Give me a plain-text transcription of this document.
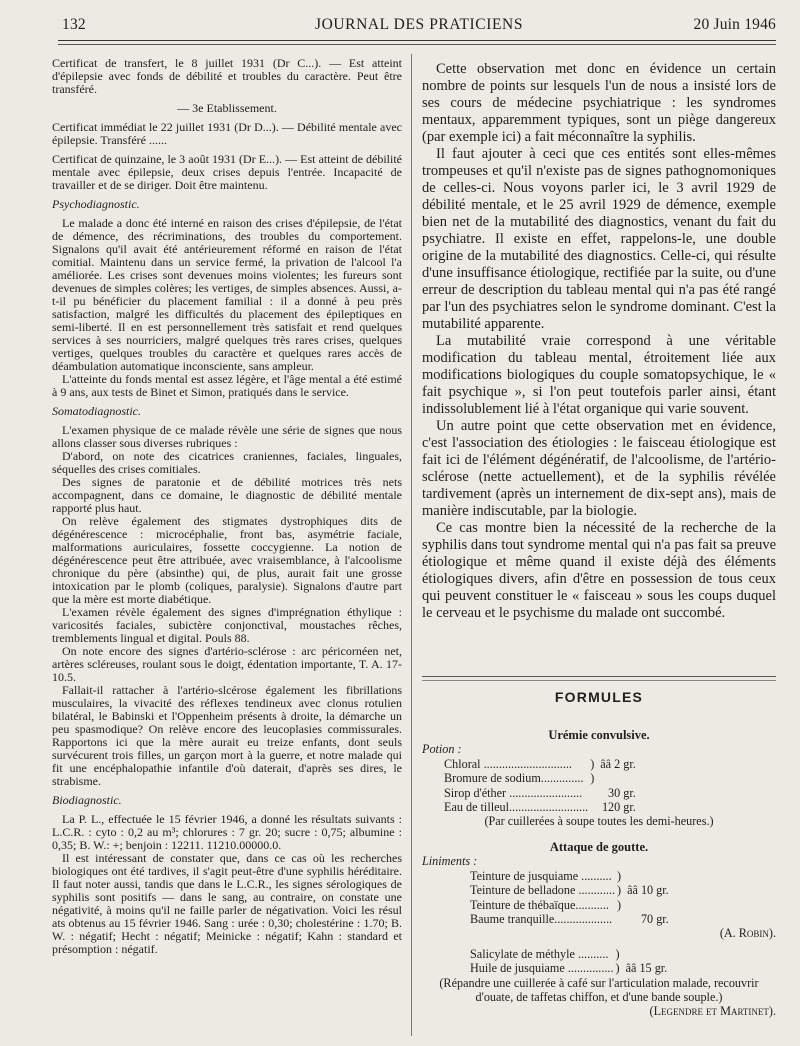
132	JOURNAL DES PRATICIENS	20 Juin 1946

Certificat de transfert, le 8 juillet 1931 (Dr C...). — Est atteint d'épilepsie avec fonds de débilité et troubles du caractère. Peut être transféré.

— 3e Etablissement.

Certificat immédiat le 22 juillet 1931 (Dr D...). — Débilité mentale avec épilepsie. Transféré ......

Certificat de quinzaine, le 3 août 1931 (Dr E...). — Est atteint de débilité mentale avec épilepsie, deux crises depuis l'entrée. Incapacité de travailler et de se diriger. Doit être maintenu.

Psychodiagnostic.

Le malade a donc été interné en raison des crises d'épilepsie, de l'état de démence, des récriminations, des troubles du comportement. Signalons qu'il avait été antérieurement réformé en raison de l'état comitial. Maintenu dans un service fermé, la privation de l'alcool l'a améliorée. Les crises sont devenues moins violentes; les fureurs sont devenues de simples colères; les vertiges, de simples absences. Aussi, a-t-il pu bénéficier du placement familial : il a donné à peu près satisfaction, malgré les difficultés du placement des épileptiques en semi-liberté. Il en est personnellement très satisfait et rend quelques services à ses nourriciers, malgré quelques très rares crises, quelques vertiges, quelques troubles du caractère et quelques rares accès de déambulation automatique inconsciente, sans ampleur.

L'atteinte du fonds mental est assez légère, et l'âge mental a été estimé à 9 ans, aux tests de Binet et Simon, pratiqués dans le service.

Somatodiagnostic.

L'examen physique de ce malade révèle une série de signes que nous allons classer sous diverses rubriques :

D'abord, on note des cicatrices craniennes, faciales, linguales, séquelles des crises comitiales.

Des signes de paratonie et de débilité motrices très nets accompagnent, dans ce domaine, le diagnostic de débilité mentale rapporté plus haut.

On relève également des stigmates dystrophiques dits de dégénérescence : microcéphalie, front bas, asymétrie faciale, malformations auriculaires, fossette coccygienne. La notion de dégénérescence peut être attribuée, avec vraisemblance, à l'alcoolisme chronique du père (absinthe) qui, de plus, aurait fait une grosse intoxication par le plomb (coliques, paralysie). Signalons d'autre part que la mère est morte diabétique.

L'examen révèle également des signes d'imprégnation éthylique : varicosités faciales, subictère conjonctival, moustaches rêches, tremblements lingual et digital. Pouls 88.

On note encore des signes d'artério-sclérose : arc péricornéen net, artères scléreuses, roulant sous le doigt, édentation importante, T. A. 17-10.5.

Fallait-il rattacher à l'artério-slcérose également les fibrillations musculaires, la vivacité des réflexes tendineux avec clonus rotulien bilatéral, le Babinski et l'Oppenheim présents à droite, la démarche un peu spasmodique? On relève encore des leucoplasies commissurales. Rapportons ici que la mère aurait eu treize enfants, dont seuls survécurent trois filles, un garçon mort à la guerre, et notre malade qui fit une encéphalopathie infantile d'où daterait, d'après ses dires, le strabisme.

Biodiagnostic.

La P. L., effectuée le 15 février 1946, a donné les résultats suivants : L.C.R. : cyto : 0,2 au m³; chlorures : 7 gr. 20; sucre : 0,75; albumine : 0,35; B. W.: +; benjoin : 12211. 11210.00000.0.

Il est intéressant de constater que, dans ce cas où les recherches biologiques ont été tardives, il s'agit peut-être d'une syphilis héréditaire. Il faut noter aussi, tandis que dans le L.C.R., les signes sérologiques de syphilis sont positifs — dans le sang, au contraire, on constate une négativité, à moins qu'il ne faille parler de négativation. Voici les résul ats obtenus au 15 février 1946. Sang : urée : 0,30; cholestérine : 1.70; B. W. : négatif; Hecht : négatif; Meinicke : négatif; Kahn : standard et présomption : négatif.

Cette observation met donc en évidence un certain nombre de points sur lesquels l'un de nous a insisté lors de ses cours de médecine psychiatrique : les syndromes mentaux, apparemment typiques, sont un piège dangereux (par exemple ici) a fait méconnaître la syphilis.

Il faut ajouter à ceci que ces entités sont elles-mêmes trompeuses et qu'il n'existe pas de signes pathognomoniques de celles-ci. Nous voyons parler ici, le 3 avril 1929 de débilité mentale, et le 25 avril 1929 de démence, exemple bien net de la mutabilité des diagnostics, venant du fait du psychiatre. Il existe en effet, rappelons-le, une double origine de la mutabilité des diagnostics. Celle-ci, qui résulte d'une insuffisance étiologique, rectifiée par la suite, ou d'une erreur de description du tableau mental qui n'a pas été rangé par l'un des psychiatres selon le syndrome dominant. C'est la mutabilité apparente.

La mutabilité vraie correspond à une véritable modification du tableau mental, étroitement liée aux modifications biologiques du couple somatopsychique, le « fait psychique », si l'on peut toutefois parler ainsi, étant indissolublement lié à l'état organique qui varie souvent.

Un autre point que cette observation met en évidence, c'est l'association des étiologies : le faisceau étiologique est fait ici de l'élément dégénératif, de l'alcoolisme, de l'artério-sclérose (nette actuellement), et de la syphilis révélée tardivement (après un internement de dix-sept ans), mais de manière indiscutable, par la biologie.

Ce cas montre bien la nécessité de la recherche de la syphilis dans tout syndrome mental qui n'a pas fait sa preuve étiologique et même quand il existe déjà des éléments étiologiques divers, afin d'être en possession de tous ceux qui peuvent constituer le « faisceau » sous les coups duquel le cerveau et le psychisme du malade ont succombé.

FORMULES

Urémie convulsive.

Potion :

Chloral .............................	)	ââ 2 gr.
Bromure de sodium..............	)	
Sirop d'éther ........................		30 gr.
Eau de tilleul..........................		120 gr.

(Par cuillerées à soupe toutes les demi-heures.)

Attaque de goutte.

Liniments :

Teinture de jusquiame ..........	)	
Teinture de belladone ............	)	ââ 10 gr.
Teinture de thébaïque...........	)	
Baume tranquille...................		70 gr.

(A. Robin).

Salicylate de méthyle ..........	)	
Huile de jusquiame ...............	)	ââ 15 gr.

(Répandre une cuillerée à café sur l'articulation malade, recouvrir d'ouate, de taffetas chiffon, et d'une bande souple.)

(Legendre et Martinet).
